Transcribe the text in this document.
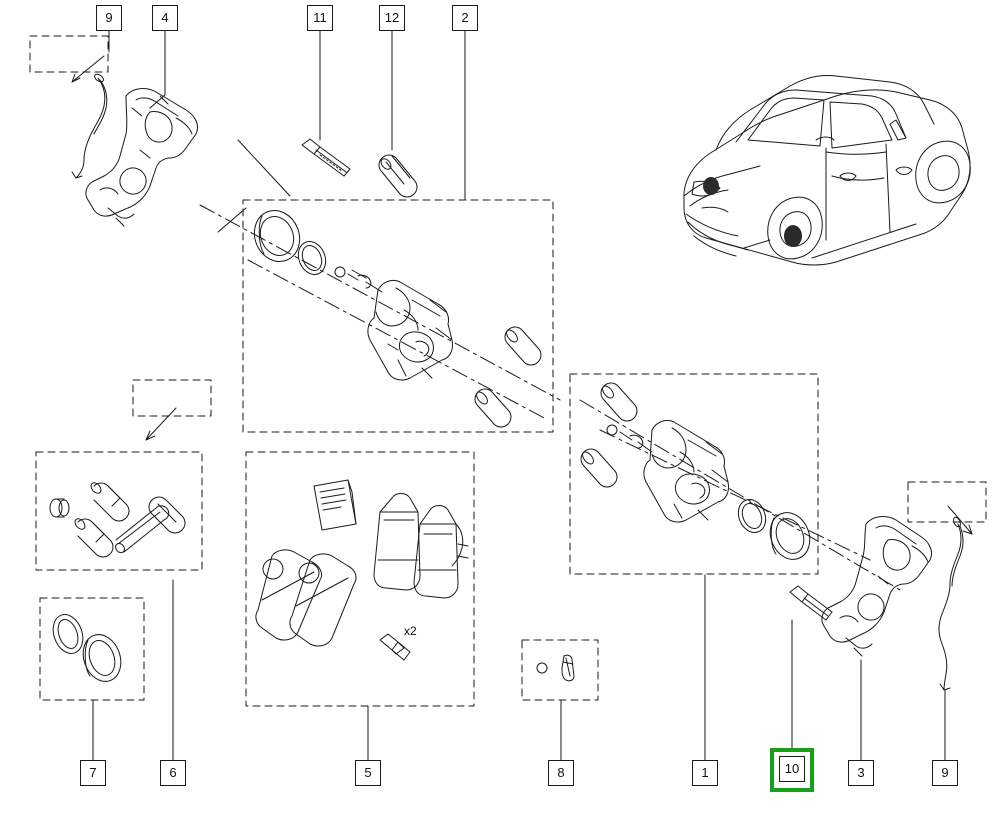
x2
9	4	11	12	2
7	6	5	8	1	10	3	9
